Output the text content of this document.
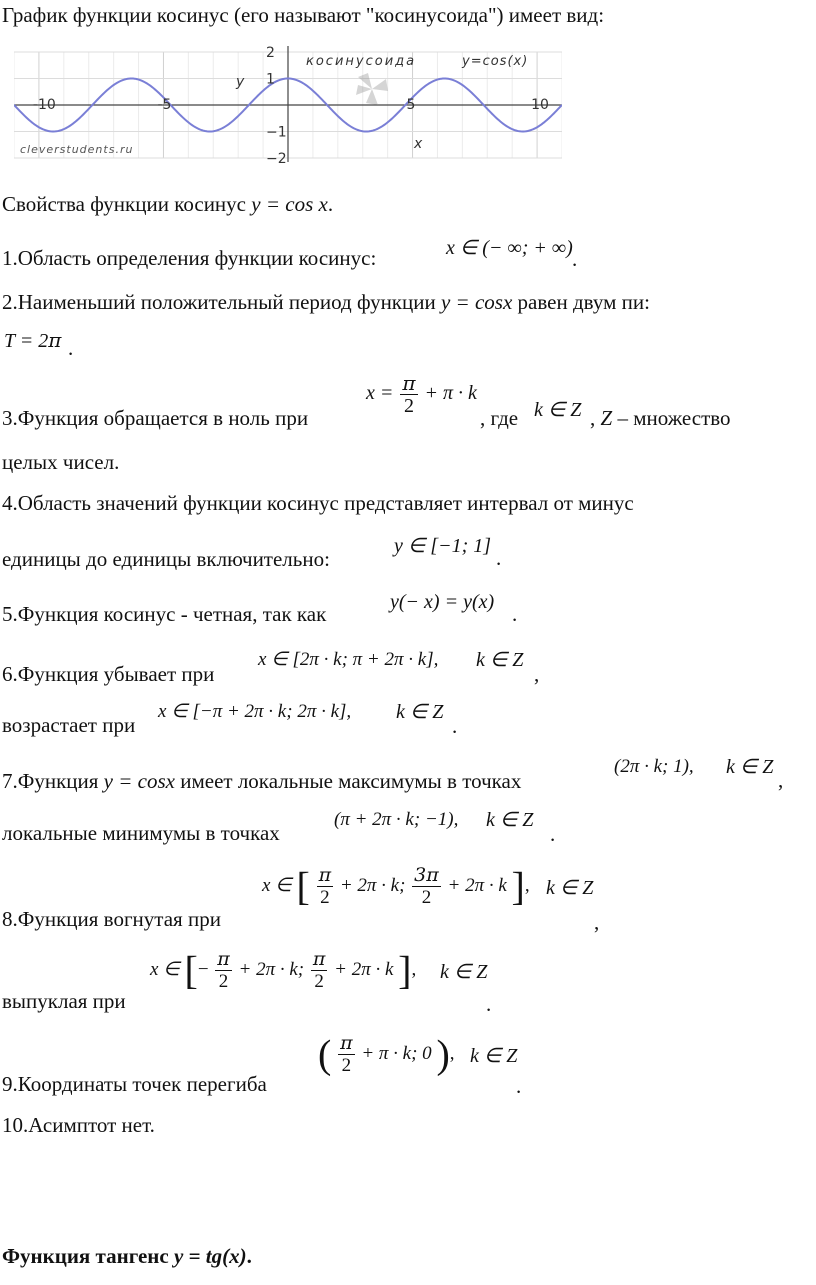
График функции косинус (его называют "косинусоида") имеет вид:
-10	-5	5	10
2
1
−1
−2
косинусоида	y=cos(x)
y
x
cleverstudents.ru
Свойства функции косинус y = cos x.
1.Область определения функции косинус:	x ∈ (− ∞; + ∞) .
2.Наименьший положительный период функции y = cosx равен двум пи:
T = 2π .
3.Функция обращается в ноль при
$x = \frac{\pi}{2} + \pi \cdot k$
, где k ∈ Z , Z – множество
целых чисел.
4.Область значений функции косинус представляет интервал от минус
единицы до единицы включительно:
y ∈ [−1; 1] .
5.Функция косинус - четная, так как	y(− x) = y(x) .
6.Функция убывает при
x ∈ [2π · k; π + 2π · k], k ∈ Z
,
возрастает при
x ∈ [−π + 2π · k; 2π · k], k ∈ Z
.
7.Функция y = cosx имеет локальные максимумы в точках
(2π · k; 1), k ∈ Z
,
локальные минимумы в точках
(π + 2π · k; −1), k ∈ Z
.
8.Функция вогнутая при
x ∈ [ $\frac{\pi}{2} + 2\pi \cdot k$; $\frac{3\pi}{2} + 2\pi \cdot k$ ], k ∈ Z
,
выпуклая при
x ∈ [− $\frac{\pi}{2} + 2\pi \cdot k$; $\frac{\pi}{2} + 2\pi \cdot k$ ], k ∈ Z
.
9.Координаты точек перегиба
( $\frac{\pi}{2} + \pi \cdot k$; 0 ), k ∈ Z
.
10.Асимптот нет.
Функция тангенс y = tg(x).
